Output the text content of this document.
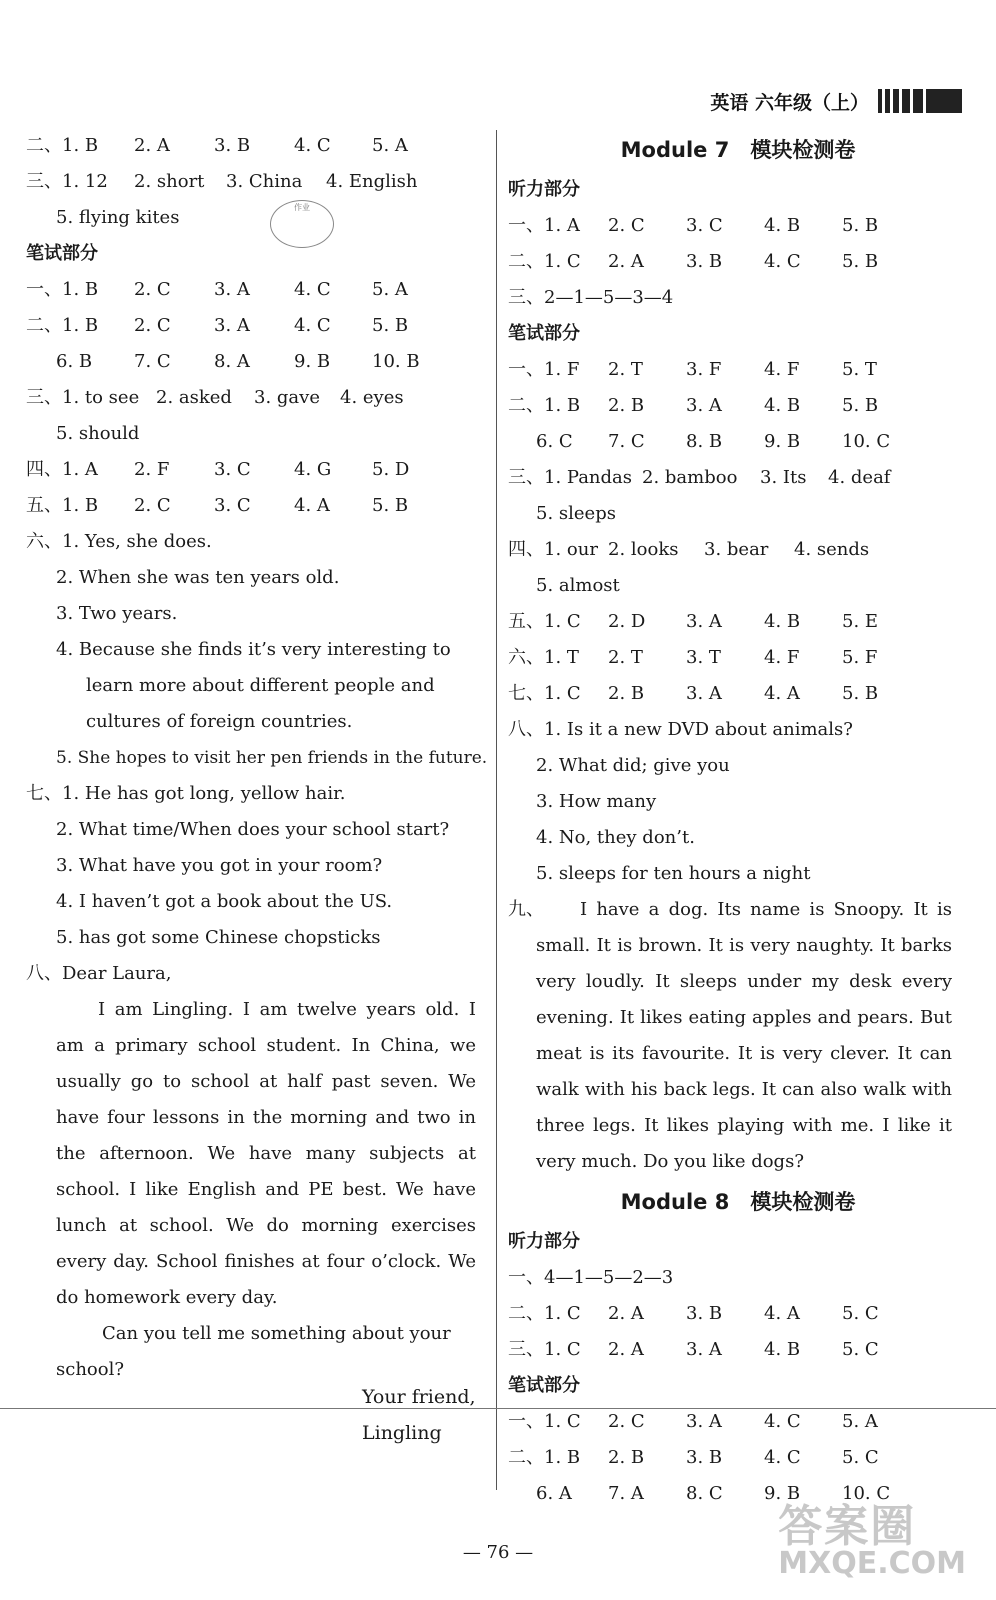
英语 六年级（上）
作业
二、1. B 2. A 3. B 4. C 5. A
三、1. 12 2. short 3. China 4. English
5. flying kites
笔试部分
一、1. B 2. C 3. A 4. C 5. A
二、1. B 2. C 3. A 4. C 5. B
6. B 7. C 8. A 9. B 10. B
三、1. to see 2. asked 3. gave 4. eyes
5. should
四、1. A 2. F 3. C 4. G 5. D
五、1. B 2. C 3. C 4. A 5. B
六、1. Yes, she does.
2. When she was ten years old.
3. Two years.
4. Because she finds it’s very interesting to
learn more about different people and
cultures of foreign countries.
5. She hopes to visit her pen friends in the future.
七、1. He has got long, yellow hair.
2. What time/When does your school start?
3. What have you got in your room?
4. I haven’t got a book about the US.
5. has got some Chinese chopsticks
八、Dear Laura,
I am Lingling. I am twelve years old. I am a primary school student. In China, we usually go to school at half past seven. We have four lessons in the morning and two in the afternoon. We have many subjects at school. I like English and PE best. We have lunch at school. We do morning exercises every day. School finishes at four o’clock. We do homework every day.
Can you tell me something about your
school?
Your friend,
Lingling
Module 7　模块检测卷
听力部分
一、1. A 2. C 3. C 4. B 5. B
二、1. C 2. A 3. B 4. C 5. B
三、2—1—5—3—4
笔试部分
一、1. F 2. T 3. F 4. F 5. T
二、1. B 2. B 3. A 4. B 5. B
6. C 7. C 8. B 9. B 10. C
三、1. Pandas 2. bamboo 3. Its 4. deaf
5. sleeps
四、1. our 2. looks 3. bear 4. sends
5. almost
五、1. C 2. D 3. A 4. B 5. E
六、1. T 2. T 3. T 4. F 5. F
七、1. C 2. B 3. A 4. A 5. B
八、1. Is it a new DVD about animals?
2. What did; give you
3. How many
4. No, they don’t.
5. sleeps for ten hours a night
九、	I have a dog. Its name is Snoopy. It is small. It is brown. It is very naughty. It barks very loudly. It sleeps under my desk every evening. It likes eating apples and pears. But meat is its favourite. It is very clever. It can walk with his back legs. It can also walk with three legs. It likes playing with me. I like it very much. Do you like dogs?
Module 8　模块检测卷
听力部分
一、4—1—5—2—3
二、1. C 2. A 3. B 4. A 5. C
三、1. C 2. A 3. A 4. B 5. C
笔试部分
一、1. C 2. C 3. A 4. C 5. A
二、1. B 2. B 3. B 4. C 5. C
6. A 7. A 8. C 9. B 10. C
— 76 —
答案圈
MXQE.COM
